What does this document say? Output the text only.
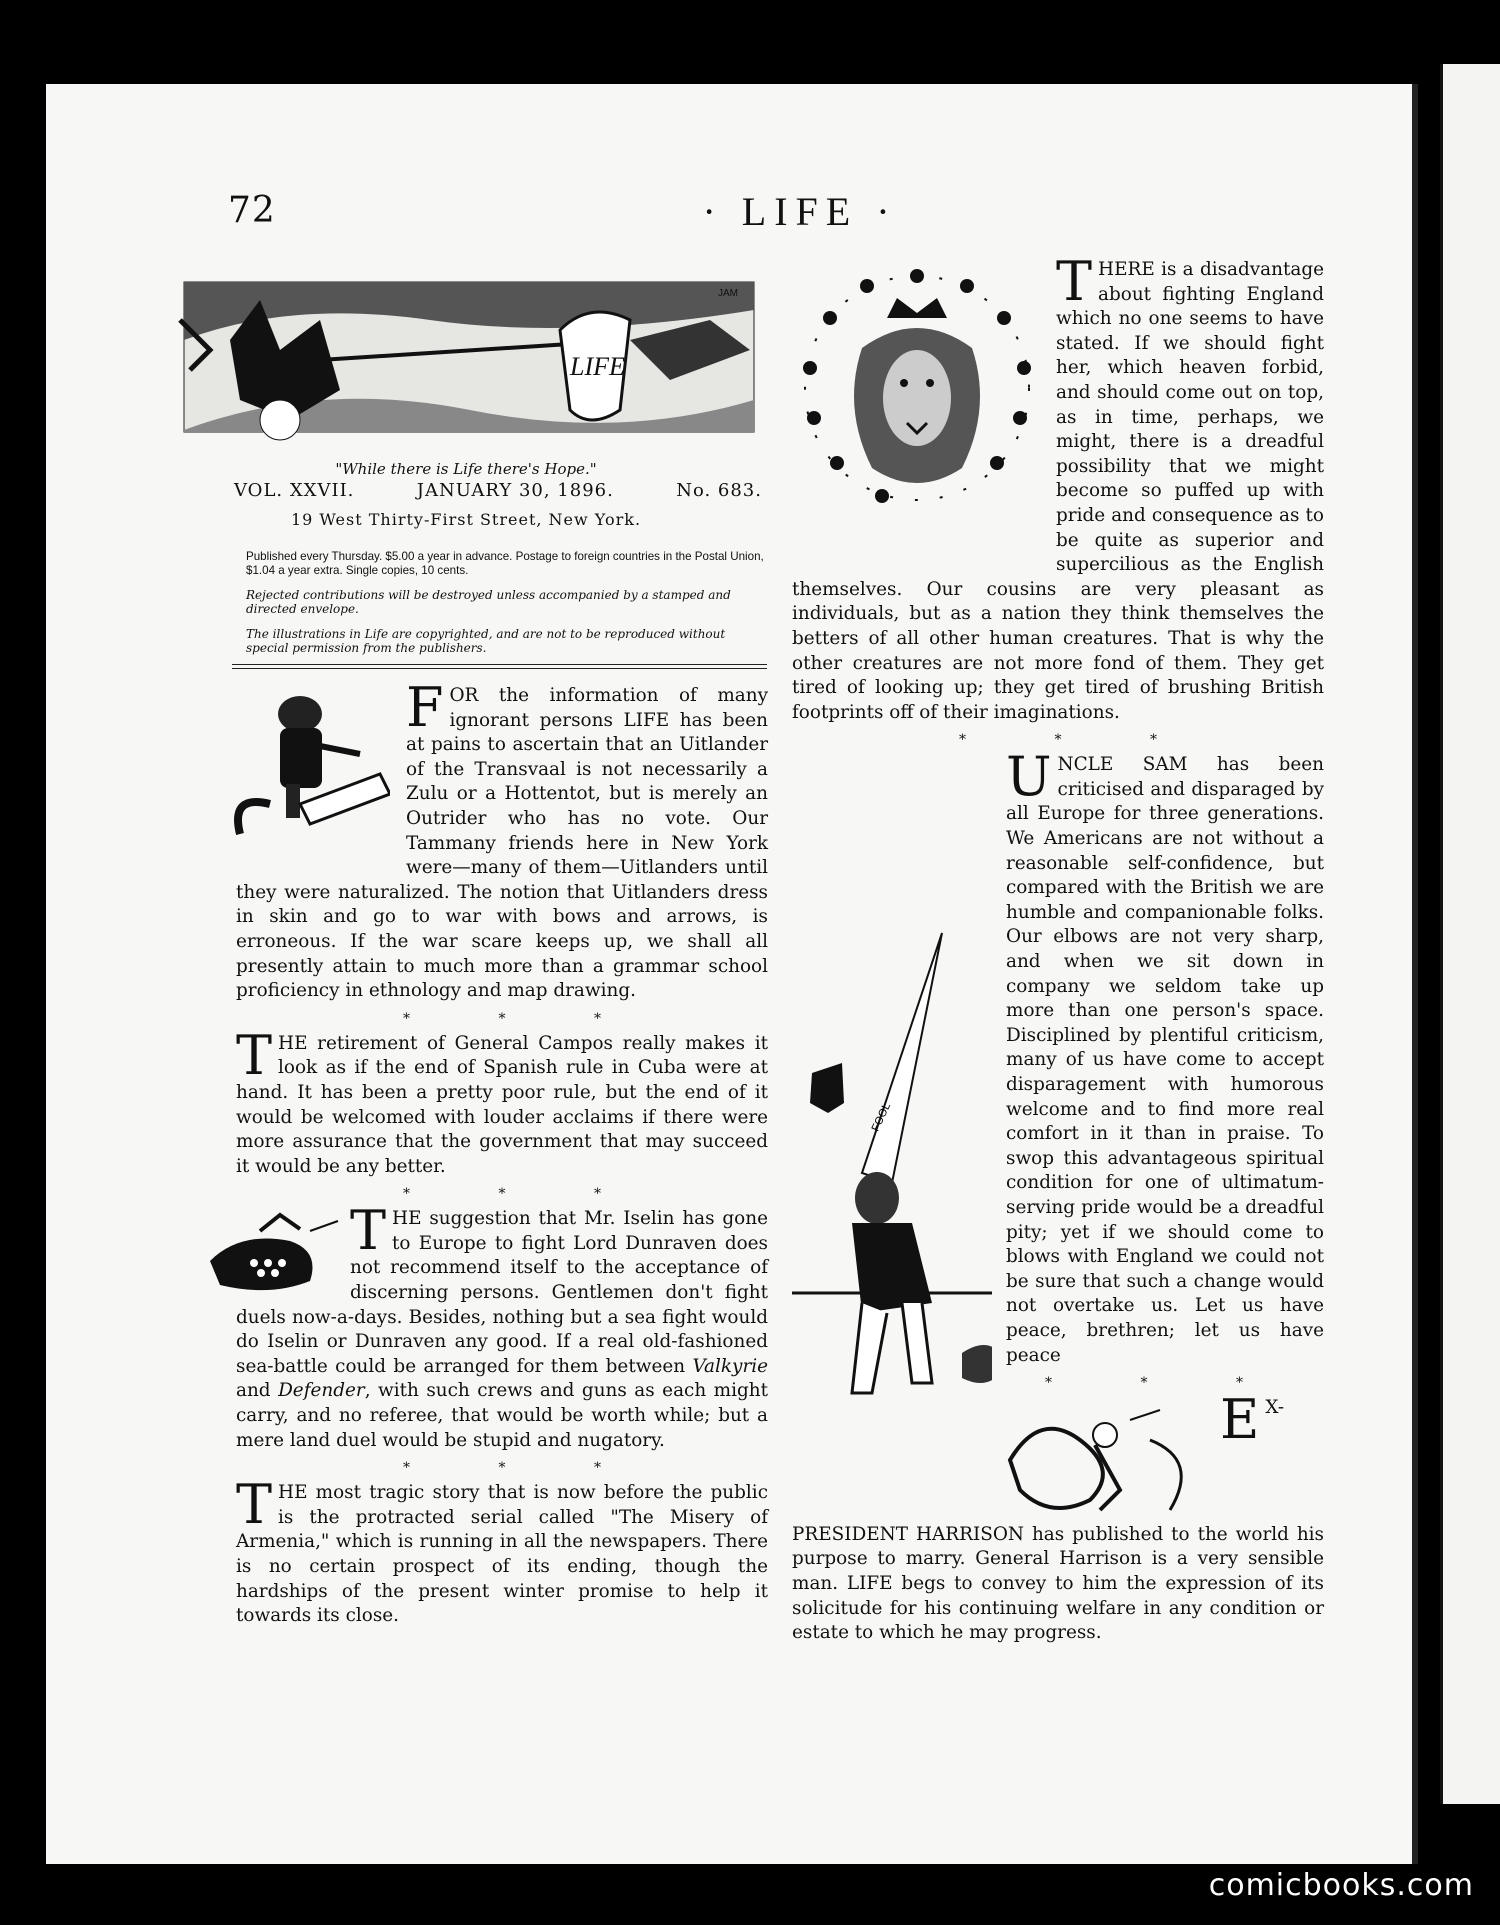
72	· LIFE ·
LIFE
JAM
"While there is Life there's Hope."
VOL. XXVII.	JANUARY 30, 1896.	No. 683.
19 West Thirty-First Street, New York.
Published every Thursday. $5.00 a year in advance. Postage to foreign countries in the Postal Union, $1.04 a year extra. Single copies, 10 cents.
Rejected contributions will be destroyed unless accompanied by a stamped and directed envelope.
The illustrations in Life are copyrighted, and are not to be reproduced without special permission from the publishers.

FOR the information of many ignorant persons LIFE has been at pains to ascertain that an Uitlander of the Transvaal is not necessarily a Zulu or a Hottentot, but is merely an Outrider who has no vote. Our Tammany friends here in New York were—many of them—Uitlanders until they were naturalized. The notion that Uitlanders dress in skin and go to war with bows and arrows, is erroneous. If the war scare keeps up, we shall all presently attain to much more than a grammar school proficiency in ethnology and map drawing.

* * *

THE retirement of General Campos really makes it look as if the end of Spanish rule in Cuba were at hand. It has been a pretty poor rule, but the end of it would be welcomed with louder acclaims if there were more assurance that the government that may succeed it would be any better.

* * *

THE suggestion that Mr. Iselin has gone to Europe to fight Lord Dunraven does not recommend itself to the acceptance of discerning persons. Gentlemen don't fight duels now-a-days. Besides, nothing but a sea fight would do Iselin or Dunraven any good. If a real old-fashioned sea-battle could be arranged for them between Valkyrie and Defender, with such crews and guns as each might carry, and no referee, that would be worth while; but a mere land duel would be stupid and nugatory.

* * *

THE most tragic story that is now before the public is the protracted serial called "The Misery of Armenia," which is running in all the newspapers. There is no certain prospect of its ending, though the hardships of the present winter promise to help it towards its close.

THERE is a disadvantage about fighting England which no one seems to have stated. If we should fight her, which heaven forbid, and should come out on top, as in time, perhaps, we might, there is a dreadful possibility that we might become so puffed up with pride and consequence as to be quite as superior and supercilious as the English themselves. Our cousins are very pleasant as individuals, but as a nation they think themselves the betters of all other human creatures. That is why the other creatures are not more fond of them. They get tired of looking up; they get tired of brushing British footprints off of their imaginations.

* * *

FOOL
U NCLE SAM has been criticised and disparaged by all Europe for three generations. We Americans are not without a reasonable self-confidence, but compared with the British we are humble and companionable folks. Our elbows are not very sharp, and when we sit down in company we seldom take up more than one person's space. Disciplined by plentiful criticism, many of us have come to accept disparagement with humorous welcome and to find more real comfort in it than in praise. To swop this advantageous spiritual condition for one of ultimatum-serving pride would be a dreadful pity; yet if we should come to blows with England we could not be sure that such a change would not overtake us. Let us have peace, brethren; let us have peace

* * *

E X-PRESIDENT HARRISON has published to the world his purpose to marry. General Harrison is a very sensible man. LIFE begs to convey to him the expression of its solicitude for his continuing welfare in any condition or estate to which he may progress.

comicbooks.com
